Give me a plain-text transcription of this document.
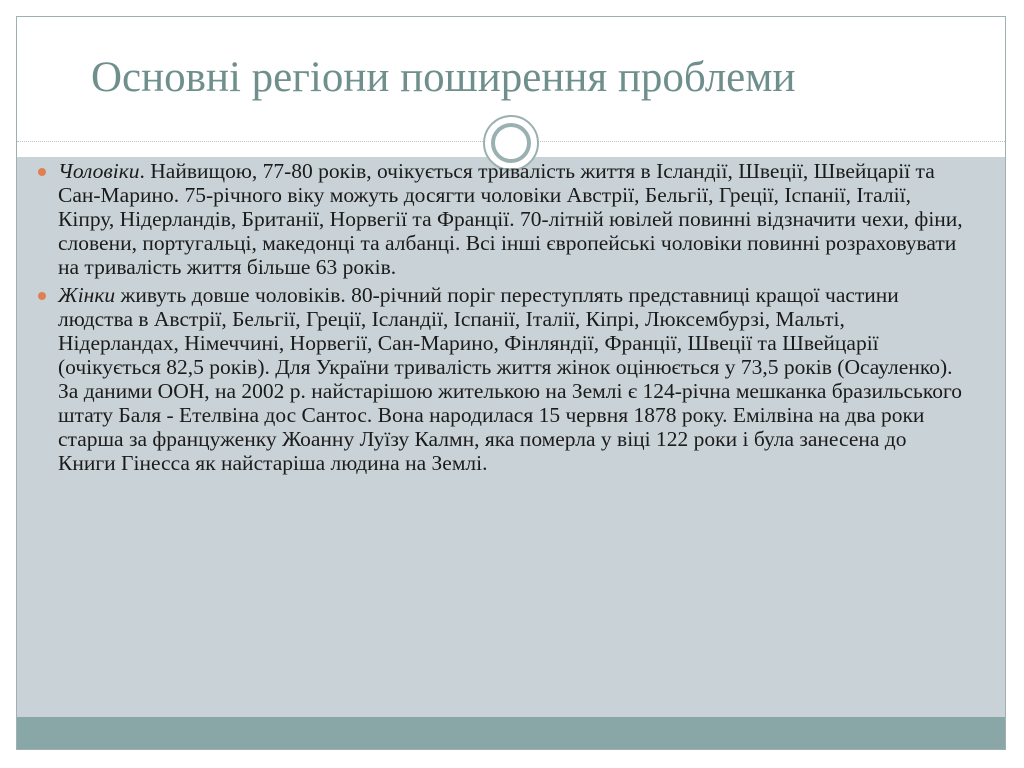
Основні регіони поширення проблеми
Чоловіки. Найвищою, 77-80 років, очікується тривалість життя в Ісландії, Швеції, Швейцарії та Сан-Марино. 75-річного віку можуть досягти чоловіки Австрії, Бельгії, Греції, Іспанії, Італії, Кіпру, Нідерландів, Британії, Норвегії та Франції. 70-літній ювілей повинні відзначити чехи, фіни, словени, португальці, македонці та албанці. Всі інші європейські чоловіки повинні розраховувати на тривалість життя більше 63 років.
Жінки живуть довше чоловіків. 80-річний поріг переступлять представниці кращої частини людства в Австрії, Бельгії, Греції, Ісландії, Іспанії, Італії, Кіпрі, Люксембурзі, Мальті, Нідерландах, Німеччині, Норвегії, Сан-Марино, Фінляндії, Франції, Швеції та Швейцарії (очікується 82,5 років). Для України тривалість життя жінок оцінюється у 73,5 років (Осауленко). За даними ООН, на 2002 р. найстарішою жителькою на Землі є 124-річна мешканка бразильського штату Баля - Етелвіна дос Сантос. Вона народилася 15 червня 1878 року. Емілвіна на два роки старша за француженку Жоанну Луїзу Калмн, яка померла у віці 122 роки і була занесена до Книги Гінесса як найстаріша людина на Землі.
